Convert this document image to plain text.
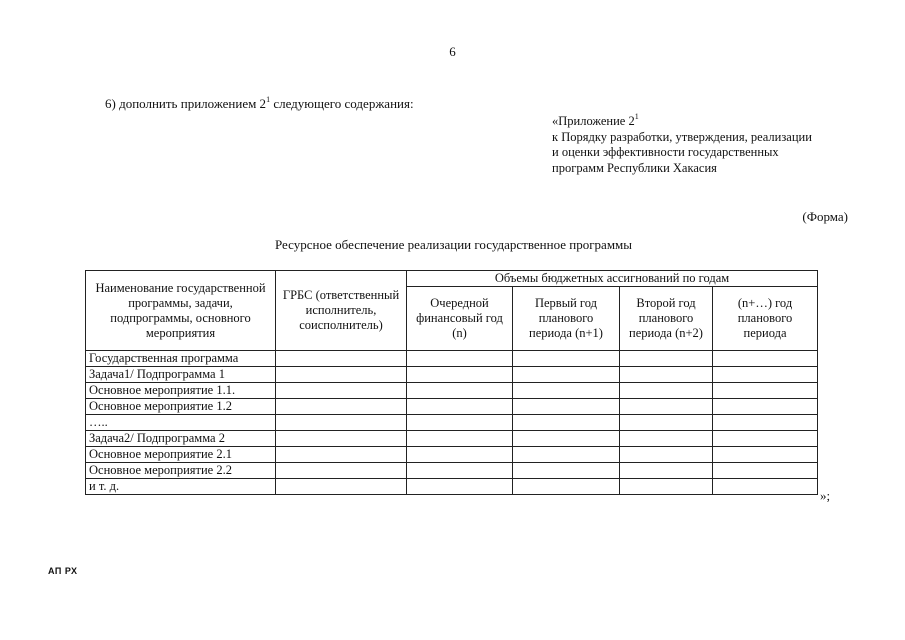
6
6) дополнить приложением $2^1$ следующего содержания:
«Приложение $2^1$
к Порядку разработки, утверждения, реализации
и оценки эффективности государственных
программ Республики Хакасия
(Форма)
Ресурсное обеспечение реализации государственное программы
Наименование государственной программы, задачи, подпрограммы, основного мероприятия	ГРБС (ответственный исполнитель, соисполнитель)	Объемы бюджетных ассигнований по годам			
		Очередной финансовый год (n)	Первый год планового периода (n+1)	Второй год планового периода (n+2)	(n+…) год планового периода
Государственная программа					
Задача1/ Подпрограмма 1					
Основное мероприятие 1.1.					
Основное мероприятие 1.2					
…..					
Задача2/ Подпрограмма 2					
Основное мероприятие 2.1					
Основное мероприятие 2.2					
и т. д.					
»;
АП РХ
